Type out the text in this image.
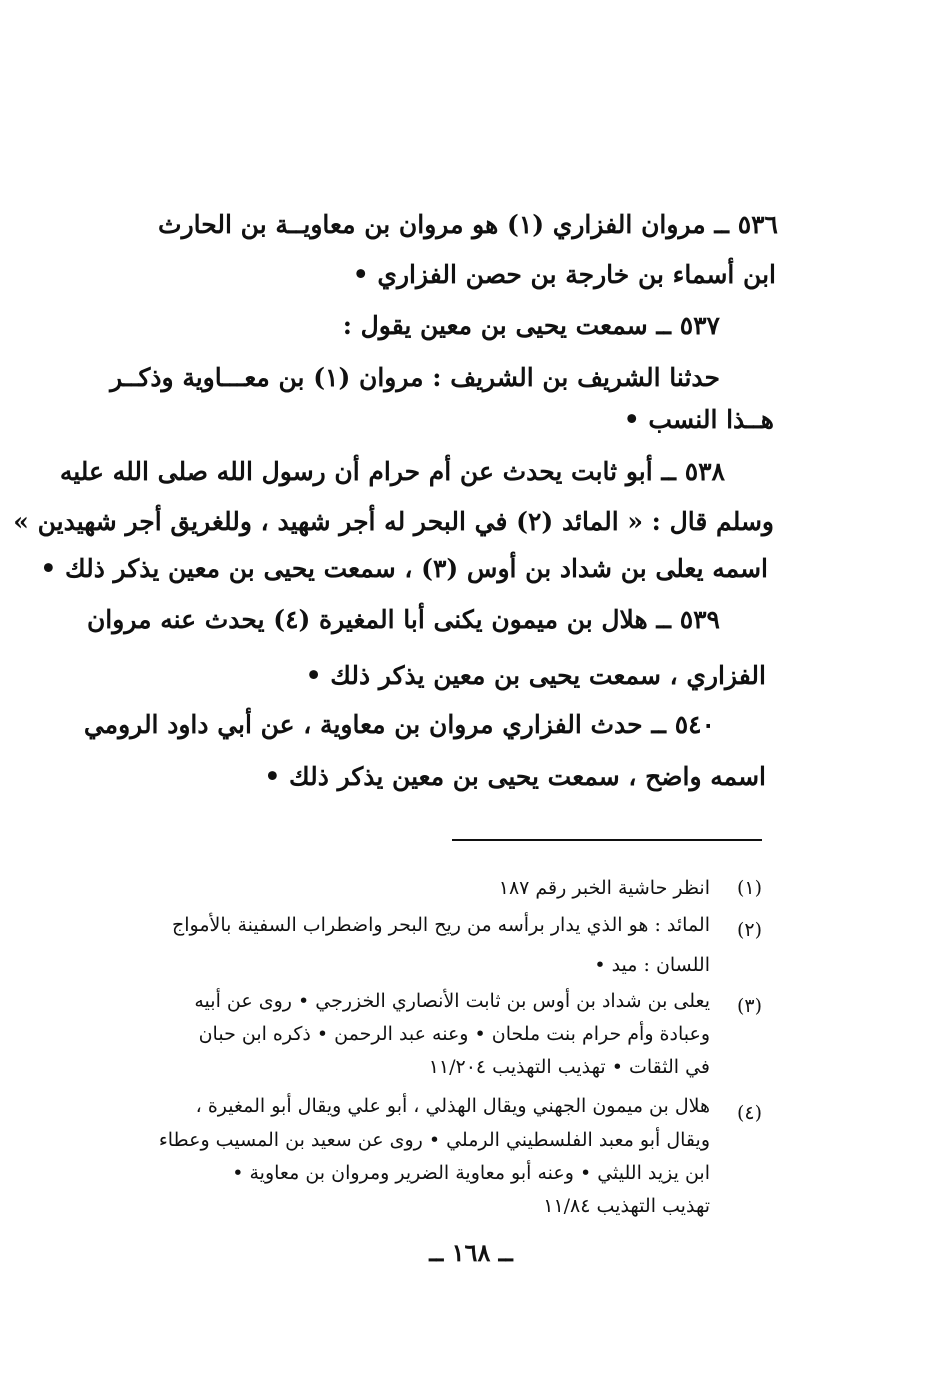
٥٣٦ ــ مروان الفزاري (١) هو مروان بن معاويــة بن الحارث
ابن أسماء بن خارجة بن حصن الفزاري •
٥٣٧ ــ سمعت يحيى بن معين يقول :
حدثنا الشريف بن الشريف : مروان (١) بن معـــاوية وذكــر
هــذا النسب •
٥٣٨ ــ أبو ثابت يحدث عن أم حرام أن رسول الله صلى الله عليه
وسلم قال : « المائد (٢) في البحر له أجر شهيد ، وللغريق أجر شهيدين »
اسمه يعلى بن شداد بن أوس (٣) ، سمعت يحيى بن معين يذكر ذلك •
٥٣٩ ــ هلال بن ميمون يكنى أبا المغيرة (٤) يحدث عنه مروان
الفزاري ، سمعت يحيى بن معين يذكر ذلك •
٥٤٠ ــ حدث الفزاري مروان بن معاوية ، عن أبي داود الرومي
اسمه واضح ، سمعت يحيى بن معين يذكر ذلك •
(١)
انظر حاشية الخبر رقم ١٨٧
(٢)
المائد : هو الذي يدار برأسه من ريح البحر واضطراب السفينة بالأمواج
اللسان : ميد •
(٣)
يعلى بن شداد بن أوس بن ثابت الأنصاري الخزرجي • روى عن أبيه
وعبادة وأم حرام بنت ملحان • وعنه عبد الرحمن • ذكره ابن حبان
في الثقات • تهذيب التهذيب ١١/٢٠٤
(٤)
هلال بن ميمون الجهني ويقال الهذلي ، أبو علي ويقال أبو المغيرة ،
ويقال أبو معبد الفلسطيني الرملي • روى عن سعيد بن المسيب وعطاء
ابن يزيد الليثي • وعنه أبو معاوية الضرير ومروان بن معاوية •
تهذيب التهذيب ١١/٨٤
ــ ١٦٨ ــ
